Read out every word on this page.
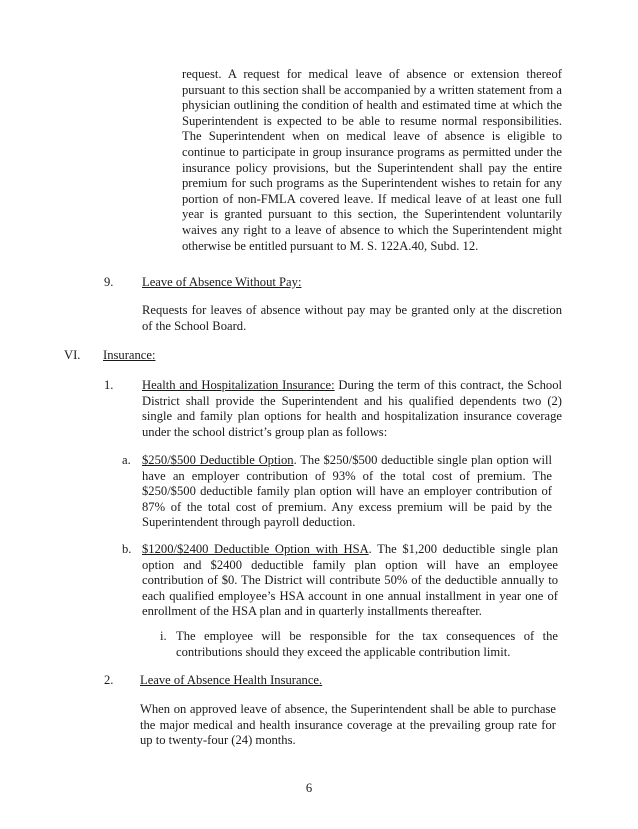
request. A request for medical leave of absence or extension thereof pursuant to this section shall be accompanied by a written statement from a physician outlining the condition of health and estimated time at which the Superintendent is expected to be able to resume normal responsibilities. The Superintendent when on medical leave of absence is eligible to continue to participate in group insurance programs as permitted under the insurance policy provisions, but the Superintendent shall pay the entire premium for such programs as the Superintendent wishes to retain for any portion of non-FMLA covered leave. If medical leave of at least one full year is granted pursuant to this section, the Superintendent voluntarily waives any right to a leave of absence to which the Superintendent might otherwise be entitled pursuant to M. S. 122A.40, Subd. 12.
9. Leave of Absence Without Pay:
Requests for leaves of absence without pay may be granted only at the discretion of the School Board.
VI. Insurance:
1. Health and Hospitalization Insurance: During the term of this contract, the School District shall provide the Superintendent and his qualified dependents two (2) single and family plan options for health and hospitalization insurance coverage under the school district’s group plan as follows:
a. $250/$500 Deductible Option. The $250/$500 deductible single plan option will have an employer contribution of 93% of the total cost of premium. The $250/$500 deductible family plan option will have an employer contribution of 87% of the total cost of premium. Any excess premium will be paid by the Superintendent through payroll deduction.
b. $1200/$2400 Deductible Option with HSA. The $1,200 deductible single plan option and $2400 deductible family plan option will have an employee contribution of $0. The District will contribute 50% of the deductible annually to each qualified employee’s HSA account in one annual installment in year one of enrollment of the HSA plan and in quarterly installments thereafter.
i. The employee will be responsible for the tax consequences of the contributions should they exceed the applicable contribution limit.
2. Leave of Absence Health Insurance.
When on approved leave of absence, the Superintendent shall be able to purchase the major medical and health insurance coverage at the prevailing group rate for up to twenty-four (24) months.
6
